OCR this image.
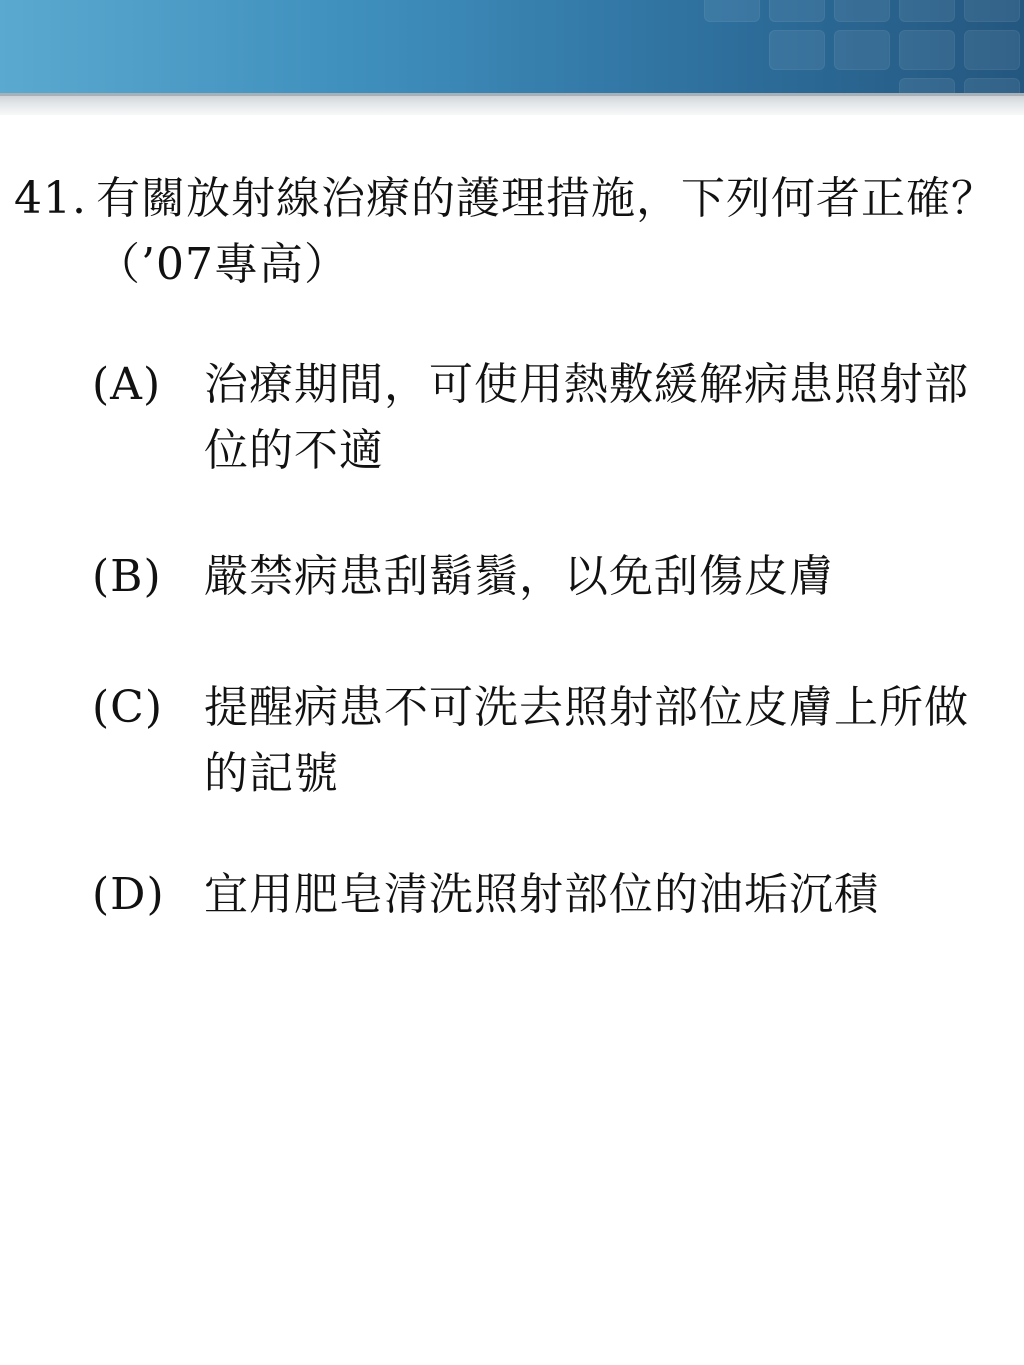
41. 有關放射線治療的護理措施，下列何者正確？（’07專高）
(A) 治療期間，可使用熱敷緩解病患照射部位的不適
(B) 嚴禁病患刮鬍鬚，以免刮傷皮膚
(C) 提醒病患不可洗去照射部位皮膚上所做的記號
(D) 宜用肥皂清洗照射部位的油垢沉積
